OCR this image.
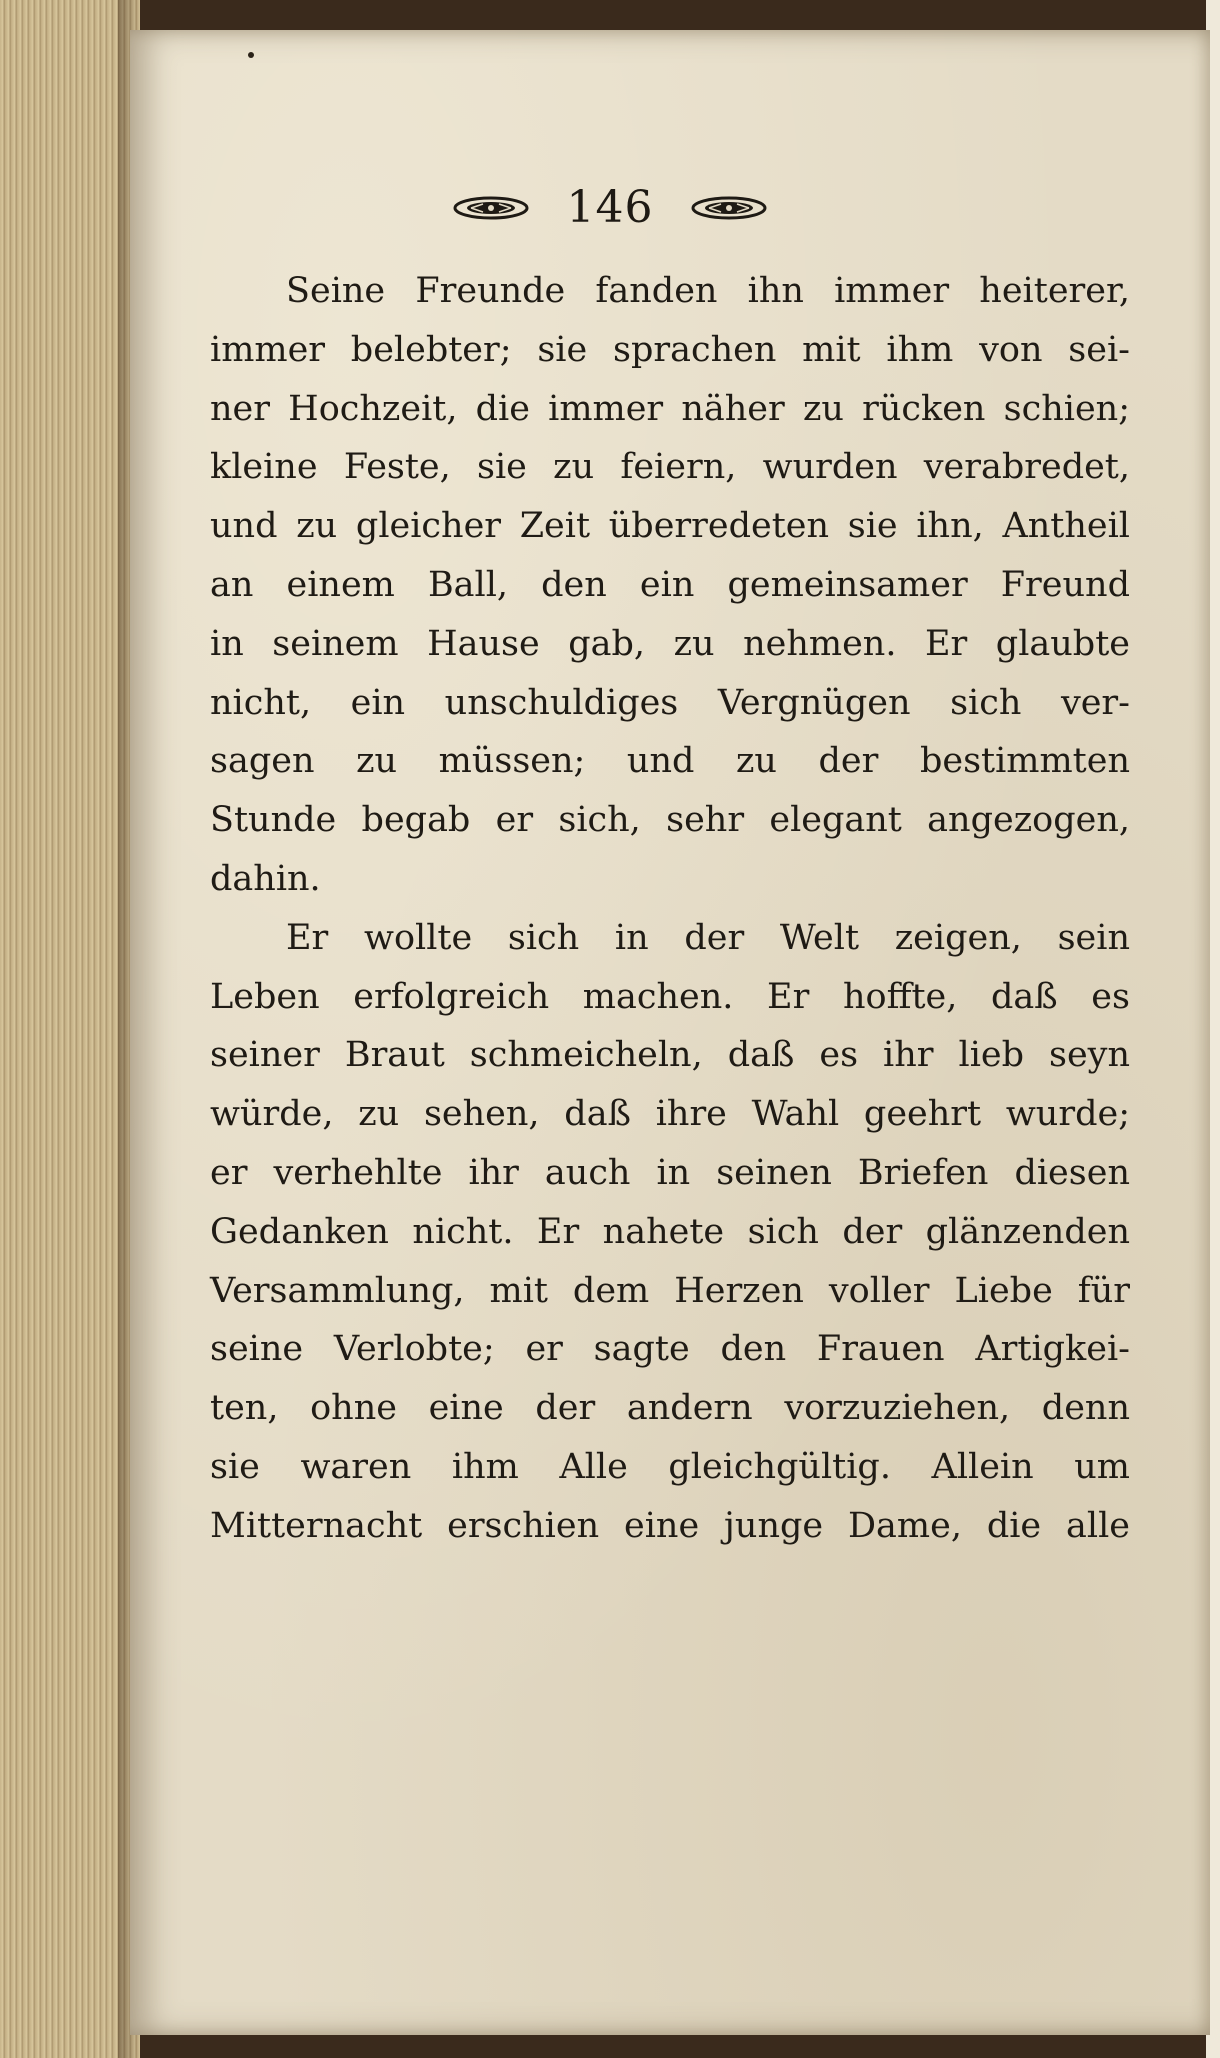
146
Seine Freunde fanden ihn immer heiterer,
immer belebter; sie sprachen mit ihm von sei-
ner Hochzeit, die immer näher zu rücken schien;
kleine Feste, sie zu feiern, wurden verabredet,
und zu gleicher Zeit überredeten sie ihn, Antheil
an einem Ball, den ein gemeinsamer Freund
in seinem Hause gab, zu nehmen. Er glaubte
nicht, ein unschuldiges Vergnügen sich ver-
sagen zu müssen; und zu der bestimmten
Stunde begab er sich, sehr elegant angezogen,
dahin.
Er wollte sich in der Welt zeigen, sein
Leben erfolgreich machen. Er hoffte, daß es
seiner Braut schmeicheln, daß es ihr lieb seyn
würde, zu sehen, daß ihre Wahl geehrt wurde;
er verhehlte ihr auch in seinen Briefen diesen
Gedanken nicht. Er nahete sich der glänzenden
Versammlung, mit dem Herzen voller Liebe für
seine Verlobte; er sagte den Frauen Artigkei-
ten, ohne eine der andern vorzuziehen, denn
sie waren ihm Alle gleichgültig. Allein um
Mitternacht erschien eine junge Dame, die alle
